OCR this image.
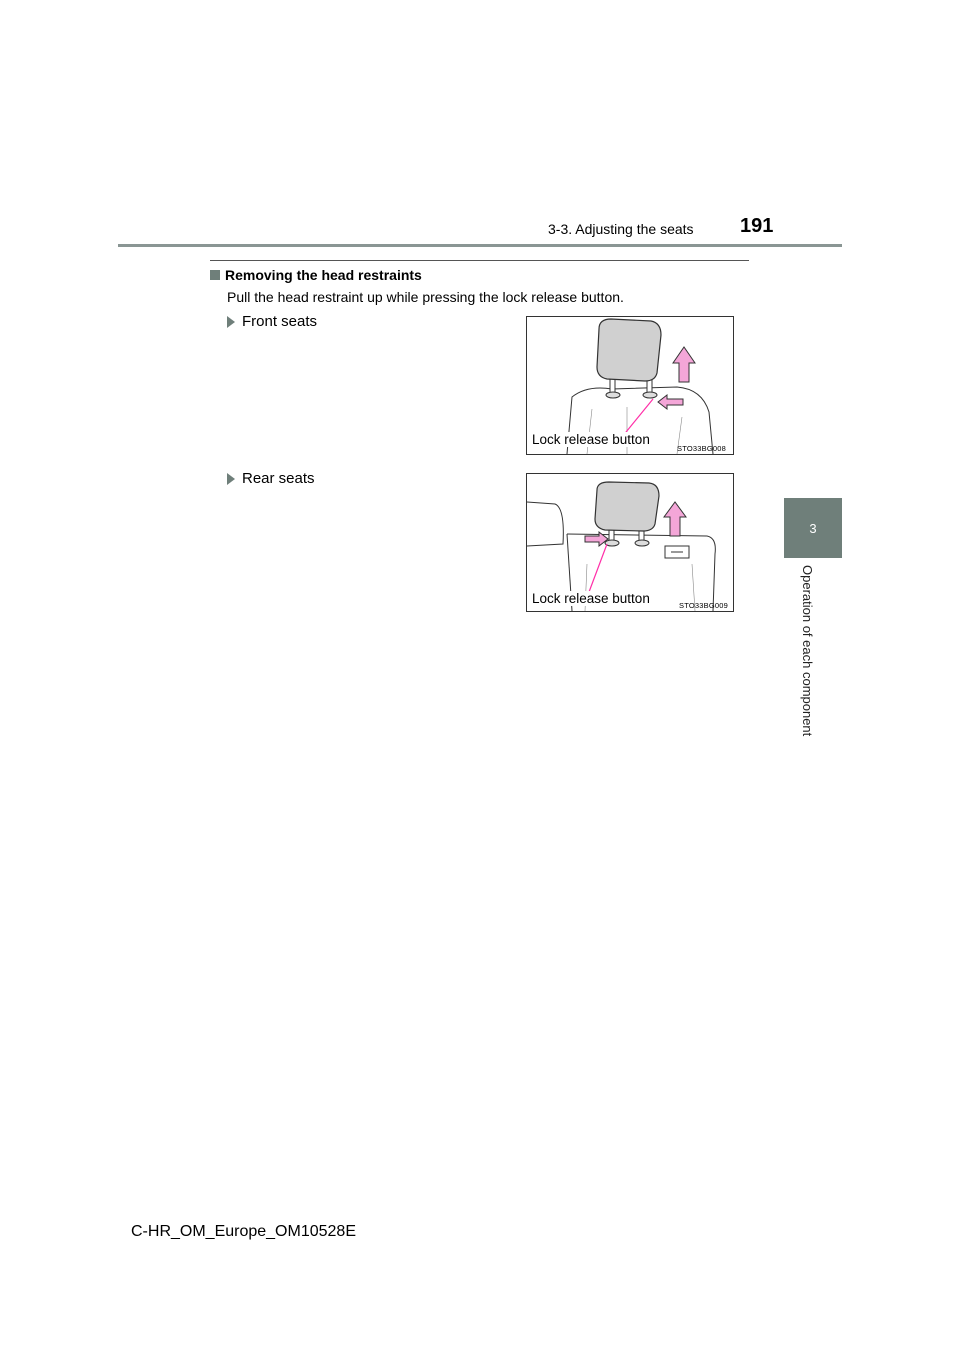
3-3. Adjusting the seats 191
3
Operation of each component
Removing the head restraints
Pull the head restraint up while pressing the lock release button.
Front seats
Lock release button
STO33BG008
Rear seats
Lock release button	STO33BG009
C-HR_OM_Europe_OM10528E
